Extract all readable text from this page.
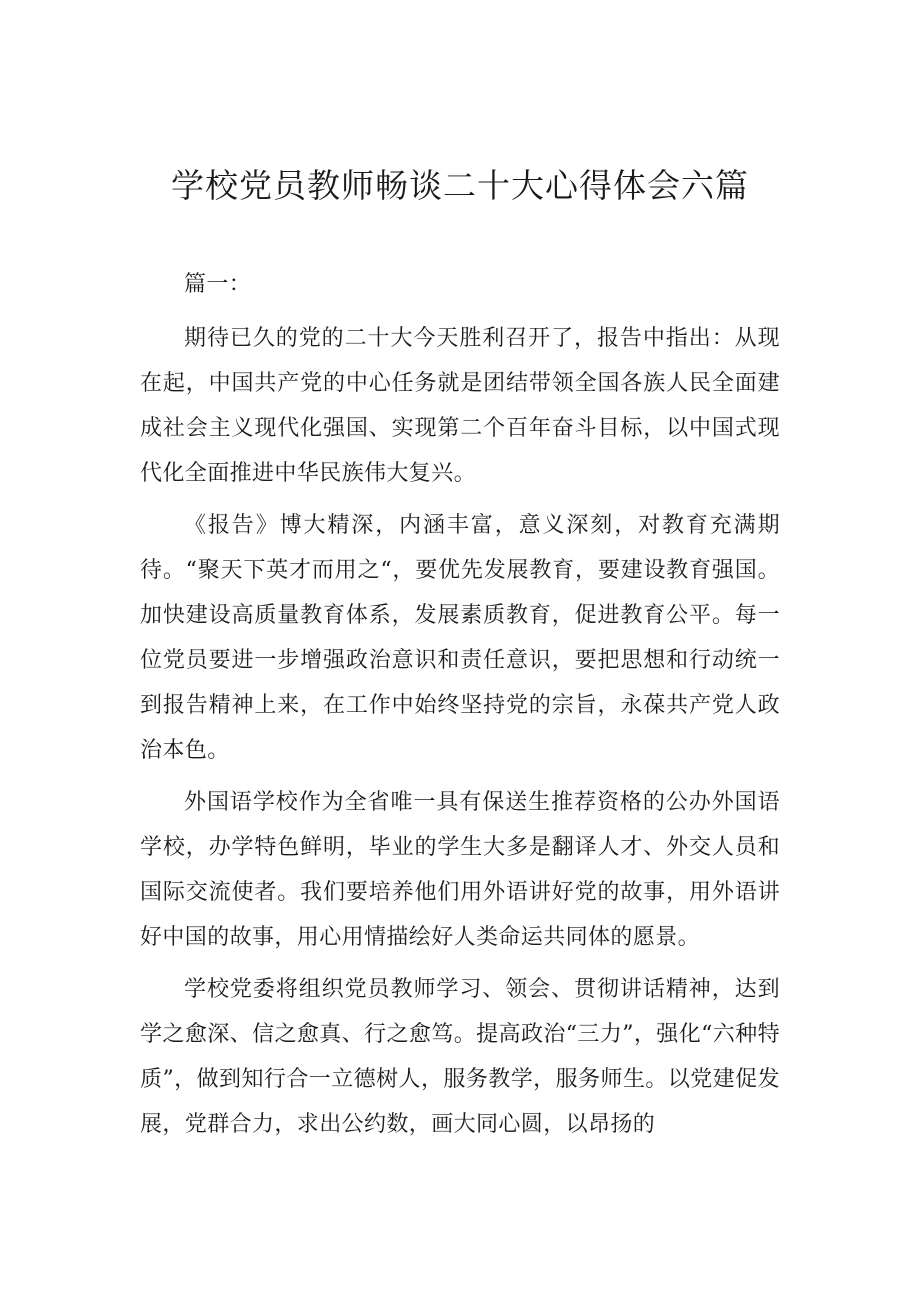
学校党员教师畅谈二十大心得体会六篇

篇一：

期待已久的党的二十大今天胜利召开了，报告中指出：从现在起，中国共产党的中心任务就是团结带领全国各族人民全面建成社会主义现代化强国、实现第二个百年奋斗目标，以中国式现代化全面推进中华民族伟大复兴。

《报告》博大精深，内涵丰富，意义深刻，对教育充满期待。“聚天下英才而用之“，要优先发展教育，要建设教育强国。加快建设高质量教育体系，发展素质教育，促进教育公平。每一位党员要进一步增强政治意识和责任意识，要把思想和行动统一到报告精神上来，在工作中始终坚持党的宗旨，永葆共产党人政治本色。

外国语学校作为全省唯一具有保送生推荐资格的公办外国语学校，办学特色鲜明，毕业的学生大多是翻译人才、外交人员和国际交流使者。我们要培养他们用外语讲好党的故事，用外语讲好中国的故事，用心用情描绘好人类命运共同体的愿景。

学校党委将组织党员教师学习、领会、贯彻讲话精神，达到学之愈深、信之愈真、行之愈笃。提高政治“三力”，强化“六种特质”，做到知行合一立德树人，服务教学，服务师生。以党建促发展，党群合力，求出公约数，画大同心圆，以昂扬的
